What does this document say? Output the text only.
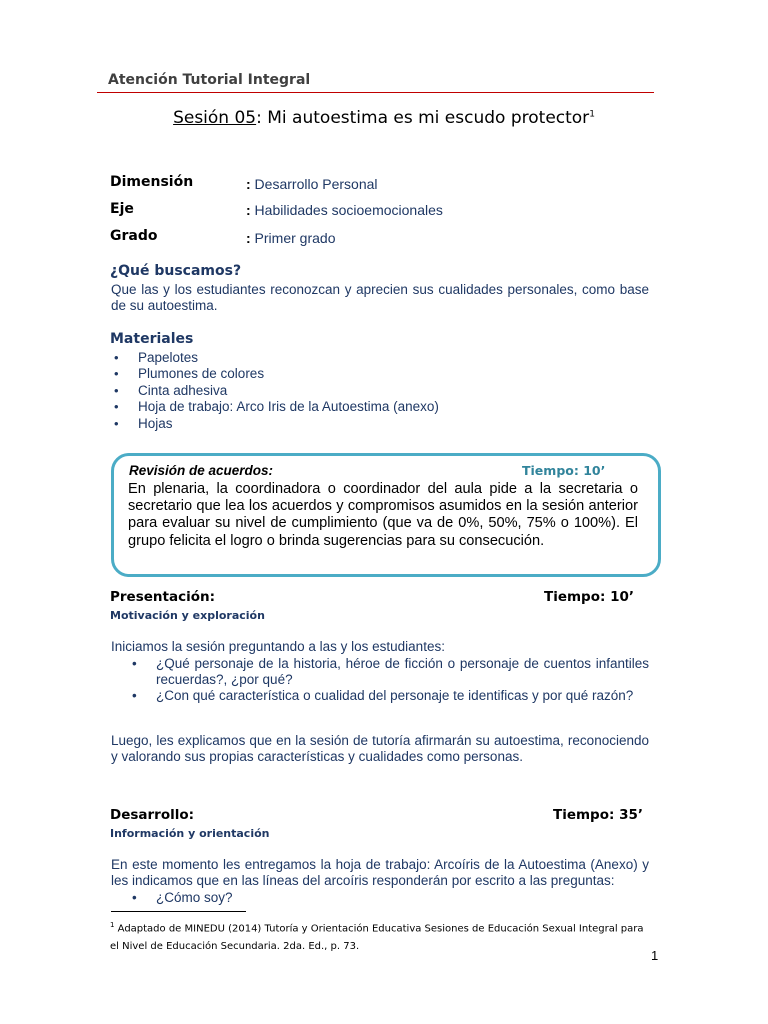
Atención Tutorial Integral
Sesión 05: Mi autoestima es mi escudo protector$^1$
Dimensión	: Desarrollo Personal
Eje	: Habilidades socioemocionales
Grado	: Primer grado
¿Qué buscamos?
Que las y los estudiantes reconozcan y aprecien sus cualidades personales, como base de su autoestima.
Materiales
• Papelotes
• Plumones de colores
• Cinta adhesiva
• Hoja de trabajo: Arco Iris de la Autoestima (anexo)
• Hojas
Revisión de acuerdos:	Tiempo: 10’
En plenaria, la coordinadora o coordinador del aula pide a la secretaria o secretario que lea los acuerdos y compromisos asumidos en la sesión anterior para evaluar su nivel de cumplimiento (que va de 0%, 50%, 75% o 100%). El grupo felicita el logro o brinda sugerencias para su consecución.
Presentación:	Tiempo: 10’
Motivación y exploración
Iniciamos la sesión preguntando a las y los estudiantes:
• ¿Qué personaje de la historia, héroe de ficción o personaje de cuentos infantiles recuerdas?, ¿por qué?
• ¿Con qué característica o cualidad del personaje te identificas y por qué razón?
Luego, les explicamos que en la sesión de tutoría afirmarán su autoestima, reconociendo y valorando sus propias características y cualidades como personas.
Desarrollo:	Tiempo: 35’
Información y orientación
En este momento les entregamos la hoja de trabajo: Arcoíris de la Autoestima (Anexo) y les indicamos que en las líneas del arcoíris responderán por escrito a las preguntas:
• ¿Cómo soy?
$^1$ Adaptado de MINEDU (2014) Tutoría y Orientación Educativa Sesiones de Educación Sexual Integral para el Nivel de Educación Secundaria. 2da. Ed., p. 73.
1
